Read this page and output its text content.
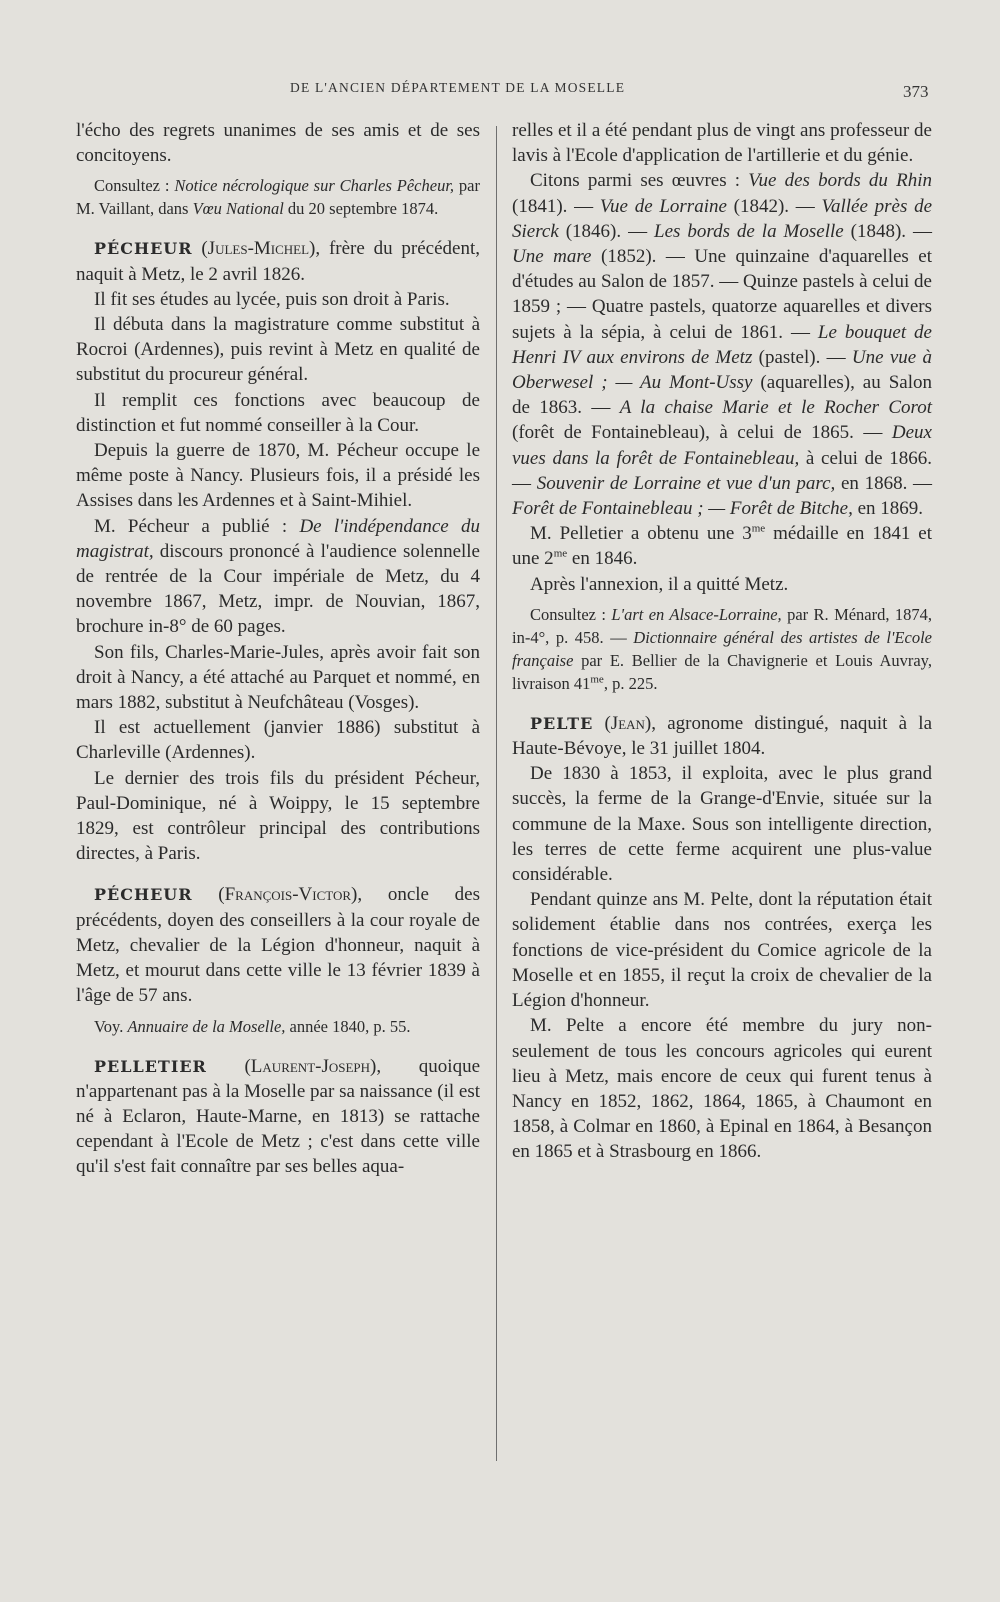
DE L'ANCIEN DÉPARTEMENT DE LA MOSELLE	373

l'écho des regrets unanimes de ses amis et de ses concitoyens.

Consultez : Notice nécrologique sur Charles Pêcheur, par M. Vaillant, dans Vœu National du 20 septembre 1874.

PÉCHEUR (Jules-Michel), frère du précédent, naquit à Metz, le 2 avril 1826.

Il fit ses études au lycée, puis son droit à Paris.

Il débuta dans la magistrature comme substitut à Rocroi (Ardennes), puis revint à Metz en qualité de substitut du procureur général.

Il remplit ces fonctions avec beaucoup de distinction et fut nommé conseiller à la Cour.

Depuis la guerre de 1870, M. Pécheur occupe le même poste à Nancy. Plusieurs fois, il a présidé les Assises dans les Ardennes et à Saint-Mihiel.

M. Pécheur a publié : De l'indépendance du magistrat, discours prononcé à l'audience solennelle de rentrée de la Cour impériale de Metz, du 4 novembre 1867, Metz, impr. de Nouvian, 1867, brochure in-8° de 60 pages.

Son fils, Charles-Marie-Jules, après avoir fait son droit à Nancy, a été attaché au Parquet et nommé, en mars 1882, substitut à Neufchâteau (Vosges).

Il est actuellement (janvier 1886) substitut à Charleville (Ardennes).

Le dernier des trois fils du président Pécheur, Paul-Dominique, né à Woippy, le 15 septembre 1829, est contrôleur principal des contributions directes, à Paris.

PÉCHEUR (François-Victor), oncle des précédents, doyen des conseillers à la cour royale de Metz, chevalier de la Légion d'honneur, naquit à Metz, et mourut dans cette ville le 13 février 1839 à l'âge de 57 ans.

Voy. Annuaire de la Moselle, année 1840, p. 55.

PELLETIER (Laurent-Joseph), quoique n'appartenant pas à la Moselle par sa naissance (il est né à Eclaron, Haute-Marne, en 1813) se rattache cependant à l'Ecole de Metz ; c'est dans cette ville qu'il s'est fait connaître par ses belles aqua-

relles et il a été pendant plus de vingt ans professeur de lavis à l'Ecole d'application de l'artillerie et du génie.

Citons parmi ses œuvres : Vue des bords du Rhin (1841). — Vue de Lorraine (1842). — Vallée près de Sierck (1846). — Les bords de la Moselle (1848). — Une mare (1852). — Une quinzaine d'aquarelles et d'études au Salon de 1857. — Quinze pastels à celui de 1859 ; — Quatre pastels, quatorze aquarelles et divers sujets à la sépia, à celui de 1861. — Le bouquet de Henri IV aux environs de Metz (pastel). — Une vue à Oberwesel ; — Au Mont-Ussy (aquarelles), au Salon de 1863. — A la chaise Marie et le Rocher Corot (forêt de Fontainebleau), à celui de 1865. — Deux vues dans la forêt de Fontainebleau, à celui de 1866. — Souvenir de Lorraine et vue d'un parc, en 1868. — Forêt de Fontainebleau ; — Forêt de Bitche, en 1869.

M. Pelletier a obtenu une $3^{me}$ médaille en 1841 et une $2^{me}$ en 1846.

Après l'annexion, il a quitté Metz.

Consultez : L'art en Alsace-Lorraine, par R. Ménard, 1874, in-4°, p. 458. — Dictionnaire général des artistes de l'Ecole française par E. Bellier de la Chavignerie et Louis Auvray, livraison $41^{me}$, p. 225.

PELTE (Jean), agronome distingué, naquit à la Haute-Bévoye, le 31 juillet 1804.

De 1830 à 1853, il exploita, avec le plus grand succès, la ferme de la Grange-d'Envie, située sur la commune de la Maxe. Sous son intelligente direction, les terres de cette ferme acquirent une plus-value considérable.

Pendant quinze ans M. Pelte, dont la réputation était solidement établie dans nos contrées, exerça les fonctions de vice-président du Comice agricole de la Moselle et en 1855, il reçut la croix de chevalier de la Légion d'honneur.

M. Pelte a encore été membre du jury non-seulement de tous les concours agricoles qui eurent lieu à Metz, mais encore de ceux qui furent tenus à Nancy en 1852, 1862, 1864, 1865, à Chaumont en 1858, à Colmar en 1860, à Epinal en 1864, à Besançon en 1865 et à Strasbourg en 1866.
